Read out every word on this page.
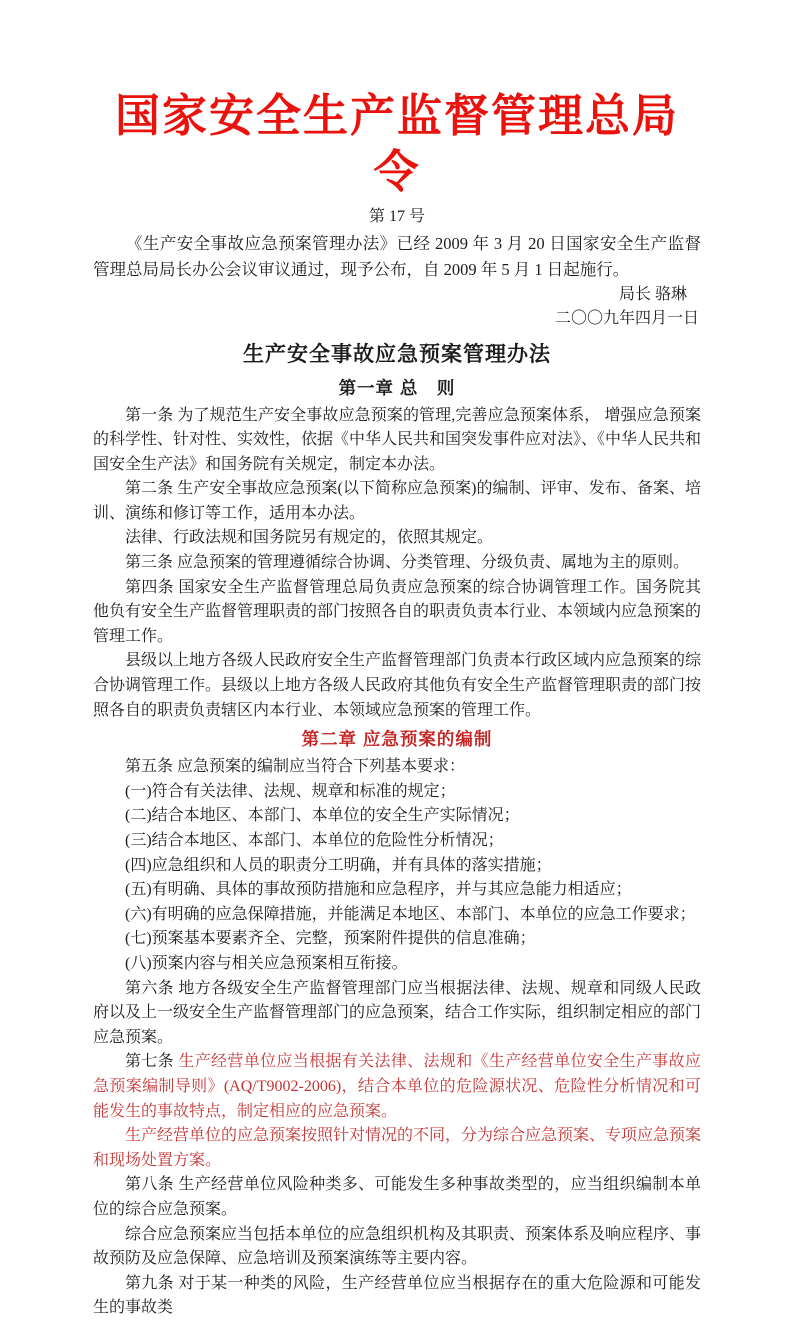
国家安全生产监督管理总局令
第 17 号

《生产安全事故应急预案管理办法》已经 2009 年 3 月 20 日国家安全生产监督管理总局局长办公会议审议通过，现予公布，自 2009 年 5 月 1 日起施行。

局长 骆琳
二〇〇九年四月一日
生产安全事故应急预案管理办法
第一章 总　则

第一条 为了规范生产安全事故应急预案的管理,完善应急预案体系， 增强应急预案的科学性、针对性、实效性，依据《中华人民共和国突发事件应对法》、《中华人民共和国安全生产法》和国务院有关规定，制定本办法。

第二条 生产安全事故应急预案(以下简称应急预案)的编制、评审、发布、备案、培训、演练和修订等工作，适用本办法。

法律、行政法规和国务院另有规定的，依照其规定。

第三条 应急预案的管理遵循综合协调、分类管理、分级负责、属地为主的原则。

第四条 国家安全生产监督管理总局负责应急预案的综合协调管理工作。国务院其他负有安全生产监督管理职责的部门按照各自的职责负责本行业、本领域内应急预案的管理工作。

县级以上地方各级人民政府安全生产监督管理部门负责本行政区域内应急预案的综合协调管理工作。县级以上地方各级人民政府其他负有安全生产监督管理职责的部门按照各自的职责负责辖区内本行业、本领域应急预案的管理工作。

第二章 应急预案的编制

第五条 应急预案的编制应当符合下列基本要求：

(一)符合有关法律、法规、规章和标准的规定；

(二)结合本地区、本部门、本单位的安全生产实际情况；

(三)结合本地区、本部门、本单位的危险性分析情况；

(四)应急组织和人员的职责分工明确，并有具体的落实措施；

(五)有明确、具体的事故预防措施和应急程序，并与其应急能力相适应；

(六)有明确的应急保障措施，并能满足本地区、本部门、本单位的应急工作要求；

(七)预案基本要素齐全、完整，预案附件提供的信息准确；

(八)预案内容与相关应急预案相互衔接。

第六条 地方各级安全生产监督管理部门应当根据法律、法规、规章和同级人民政府以及上一级安全生产监督管理部门的应急预案，结合工作实际，组织制定相应的部门应急预案。

第七条 生产经营单位应当根据有关法律、法规和《生产经营单位安全生产事故应急预案编制导则》(AQ/T9002-2006)，结合本单位的危险源状况、危险性分析情况和可能发生的事故特点，制定相应的应急预案。

生产经营单位的应急预案按照针对情况的不同，分为综合应急预案、专项应急预案和现场处置方案。

第八条 生产经营单位风险种类多、可能发生多种事故类型的，应当组织编制本单位的综合应急预案。

综合应急预案应当包括本单位的应急组织机构及其职责、预案体系及响应程序、事故预防及应急保障、应急培训及预案演练等主要内容。

第九条 对于某一种类的风险，生产经营单位应当根据存在的重大危险源和可能发生的事故类
